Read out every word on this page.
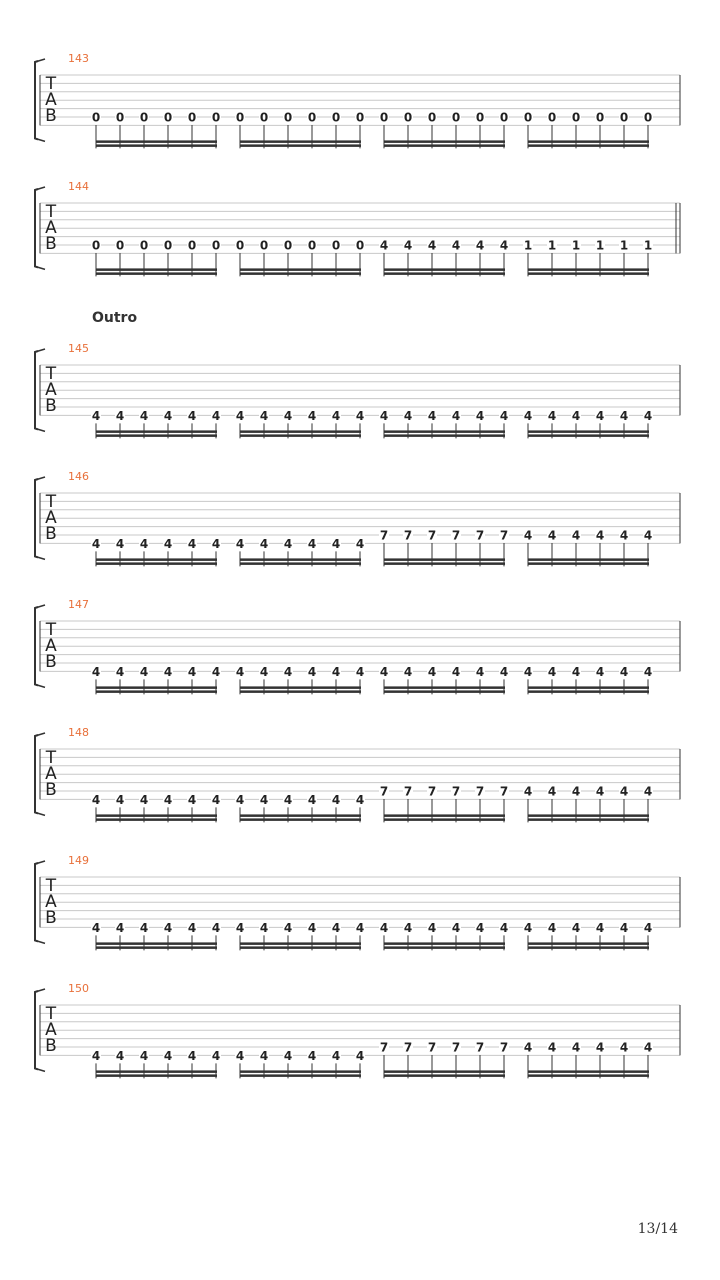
143
T
A
B	0 0 0 0 0 0 0 0 0 0 0 0 0 0 0 0 0 0 0 0 0 0 0 0
144
T
A
B	0 0 0 0 0 0 0 0 0 0 0 0 4 4 4 4 4 4 1 1 1 1 1 1
145
T
A
B	4 4 4 4 4 4 4 4 4 4 4 4 4 4 4 4 4 4 4 4 4 4 4 4
146
T
A
B	4 4 4 4 4 4 4 4 4 4 4 4
7 7 7 7 7 7 4 4 4 4 4 4
147
T
A
B	4 4 4 4 4 4 4 4 4 4 4 4 4 4 4 4 4 4 4 4 4 4 4 4
148
T
A
B	4 4 4 4 4 4 4 4 4 4 4 4
7 7 7 7 7 7 4 4 4 4 4 4
149
T
A
B	4 4 4 4 4 4 4 4 4 4 4 4 4 4 4 4 4 4 4 4 4 4 4 4
150
T
A
B	4 4 4 4 4 4 4 4 4 4 4 4
7 7 7 7 7 7 4 4 4 4 4 4
Outro
13/14
